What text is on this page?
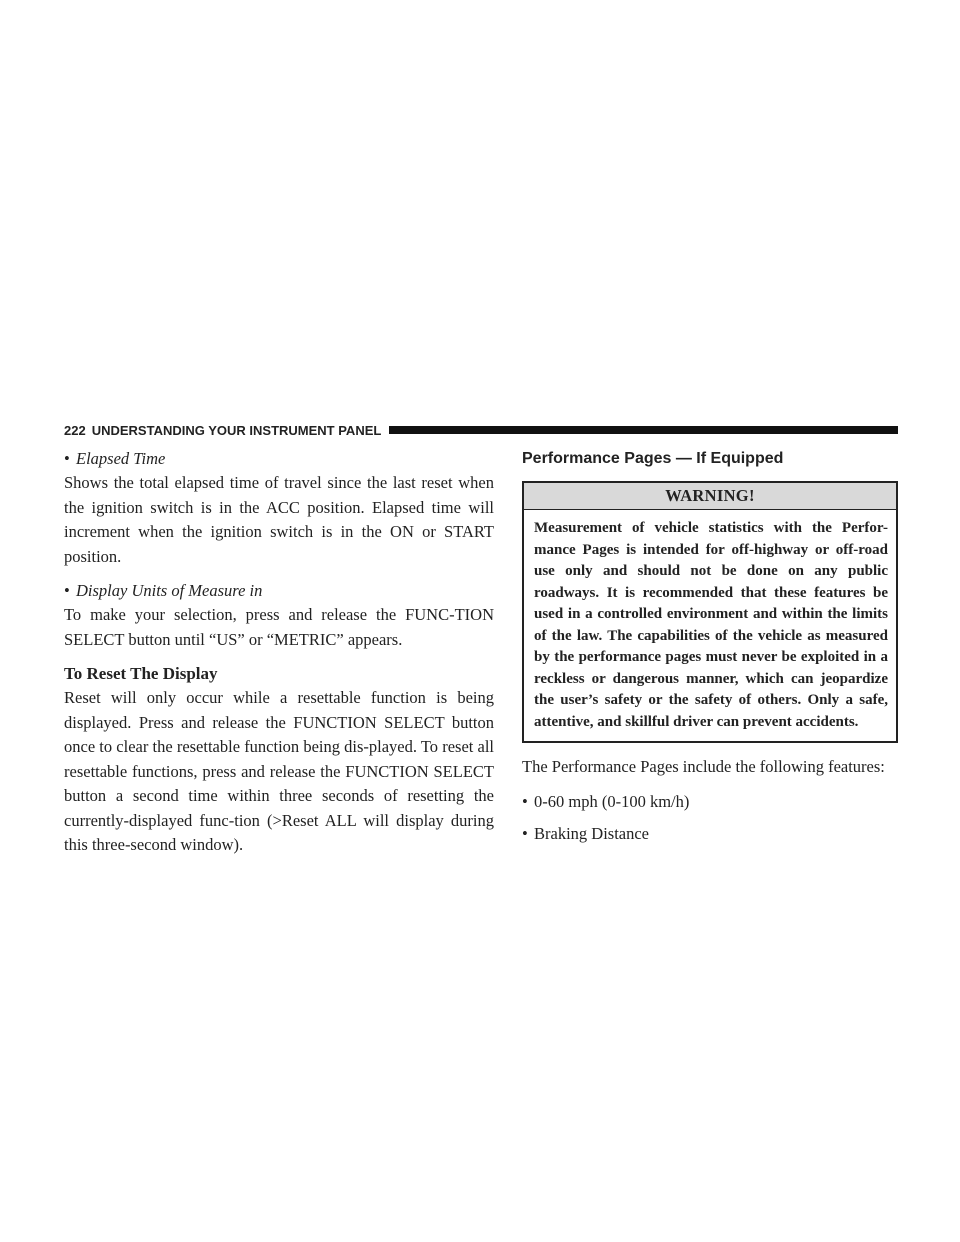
222 UNDERSTANDING YOUR INSTRUMENT PANEL

• Elapsed Time

Shows the total elapsed time of travel since the last reset when the ignition switch is in the ACC position. Elapsed time will increment when the ignition switch is in the ON or START position.

• Display Units of Measure in

To make your selection, press and release the FUNC-TION SELECT button until “US” or “METRIC” appears.

To Reset The Display

Reset will only occur while a resettable function is being displayed. Press and release the FUNCTION SELECT button once to clear the resettable function being dis-played. To reset all resettable functions, press and release the FUNCTION SELECT button a second time within three seconds of resetting the currently-displayed func-tion (>Reset ALL will display during this three-second window).

Performance Pages — If Equipped

WARNING!
Measurement of vehicle statistics with the Perfor-mance Pages is intended for off-highway or off-road use only and should not be done on any public roadways. It is recommended that these features be used in a controlled environment and within the limits of the law. The capabilities of the vehicle as measured by the performance pages must never be exploited in a reckless or dangerous manner, which can jeopardize the user’s safety or the safety of others. Only a safe, attentive, and skillful driver can prevent accidents.

The Performance Pages include the following features:

• 0-60 mph (0-100 km/h)

• Braking Distance
